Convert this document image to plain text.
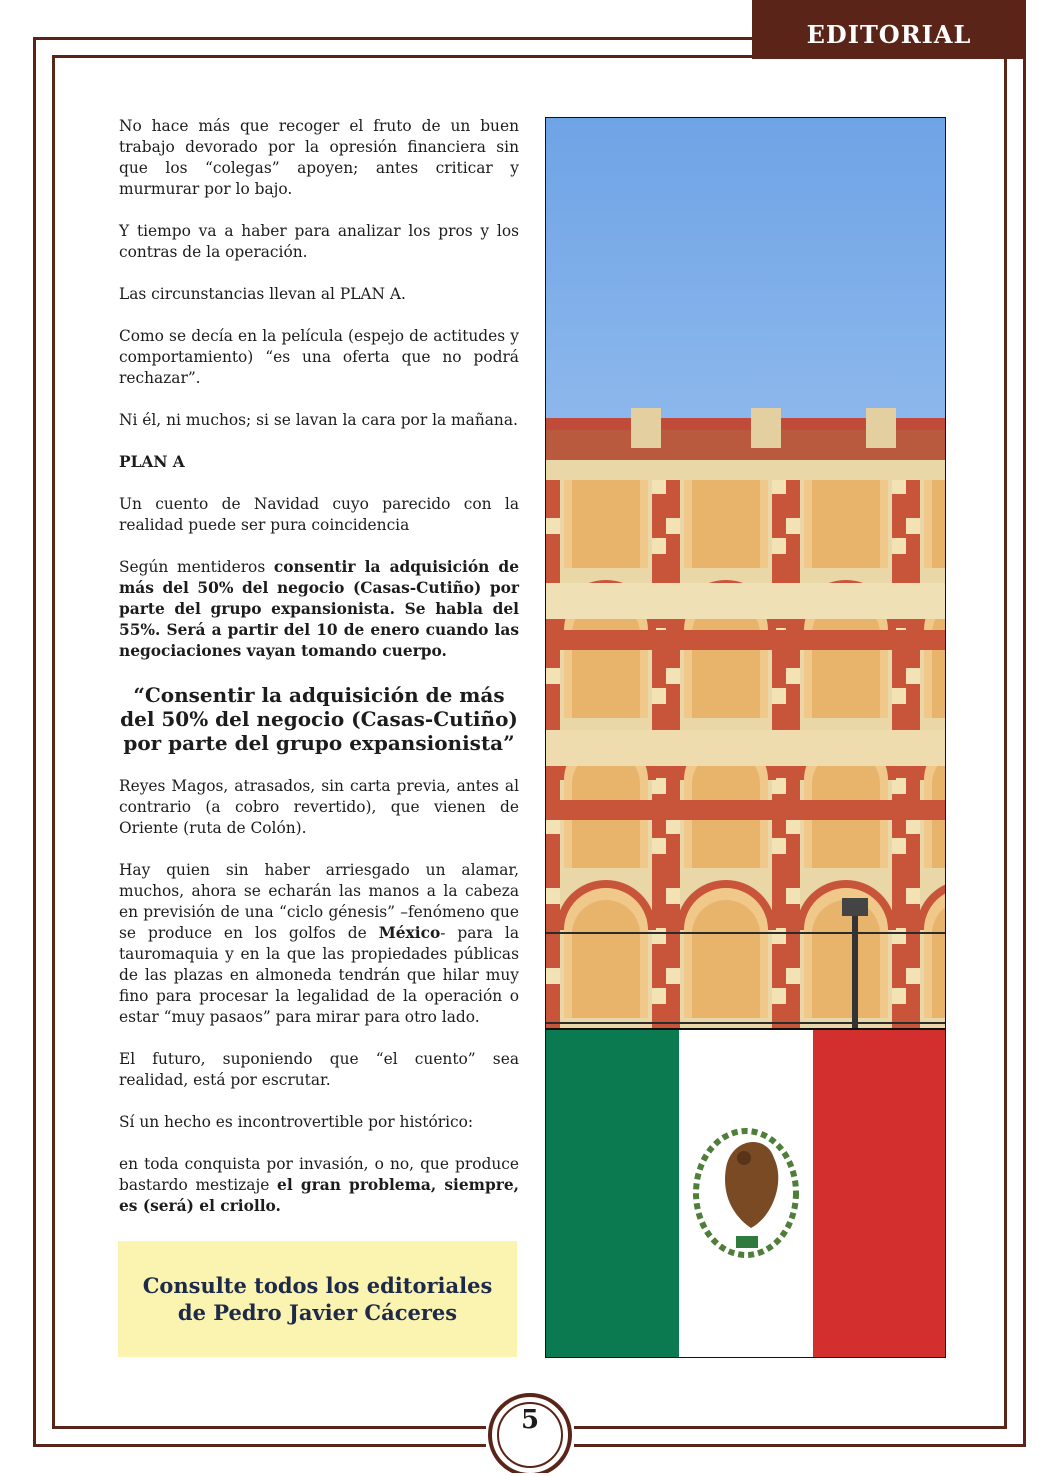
EDITORIAL

No hace más que recoger el fruto de un buen trabajo devorado por la opresión financiera sin que los “colegas” apoyen; antes criticar y murmurar por lo bajo.

Y tiempo va a haber para analizar los pros y los contras de la operación.

Las circunstancias llevan al PLAN A.

Como se decía en la película (espejo de actitudes y comportamiento) “es una oferta que no podrá rechazar”.

Ni él, ni muchos; si se lavan la cara por la mañana.

PLAN A

Un cuento de Navidad cuyo parecido con la realidad puede ser pura coincidencia

Según mentideros consentir la adquisición de más del 50% del negocio (Casas-Cutiño) por parte del grupo expansionista. Se habla del 55%. Será a partir del 10 de enero cuando las negociaciones vayan tomando cuerpo.

“Consentir la adquisición de más del 50% del negocio (Casas-Cutiño) por parte del grupo expansionista”

Reyes Magos, atrasados, sin carta previa, antes al contrario (a cobro revertido), que vienen de Oriente (ruta de Colón).

Hay quien sin haber arriesgado un alamar, muchos, ahora se echarán las manos a la cabeza en previsión de una “ciclo génesis” –fenómeno que se produce en los golfos de México- para la tauromaquia y en la que las propiedades públicas de las plazas en almoneda tendrán que hilar muy fino para procesar la legalidad de la operación o estar “muy pasaos” para mirar para otro lado.

El futuro, suponiendo que “el cuento” sea realidad, está por escrutar.

Sí un hecho es incontrovertible por histórico:

en toda conquista por invasión, o no, que produce bastardo mestizaje el gran problema, siempre, es (será) el criollo.

Consulte todos los editoriales
de Pedro Javier Cáceres
5
